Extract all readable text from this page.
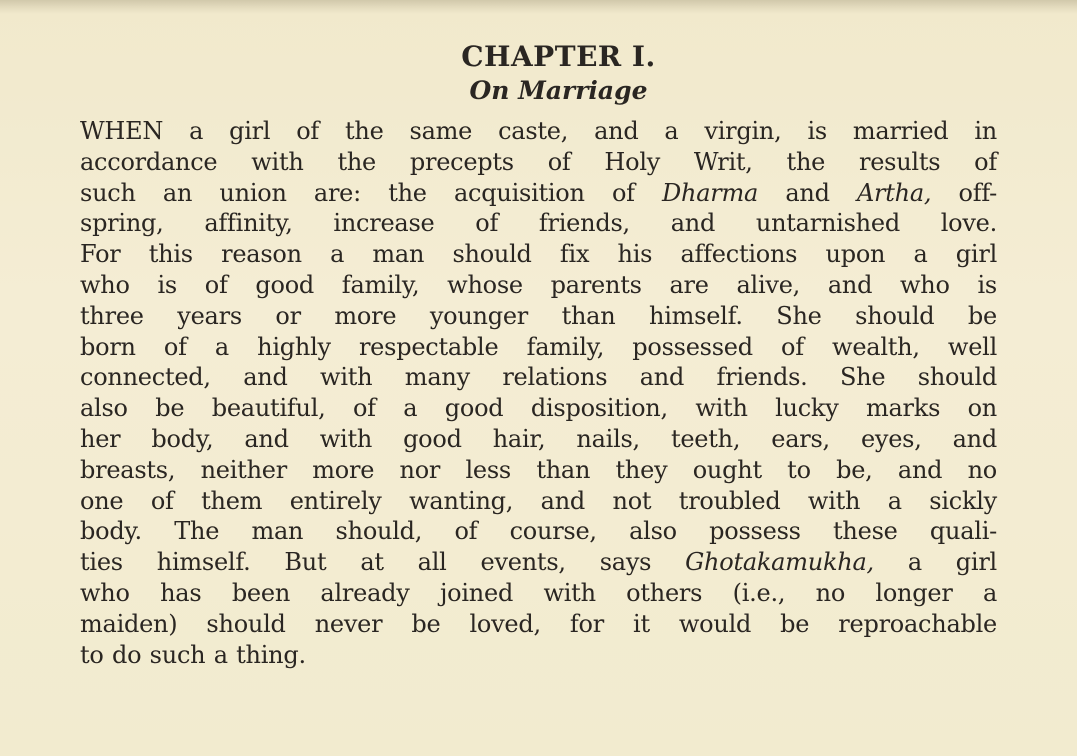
CHAPTER I.
On Marriage

WHEN a girl of the same caste, and a virgin, is married in
accordance with the precepts of Holy Writ, the results of
such an union are: the acquisition of Dharma and Artha, off-
spring, affinity, increase of friends, and untarnished love.
For this reason a man should fix his affections upon a girl
who is of good family, whose parents are alive, and who is
three years or more younger than himself. She should be
born of a highly respectable family, possessed of wealth, well
connected, and with many relations and friends. She should
also be beautiful, of a good disposition, with lucky marks on
her body, and with good hair, nails, teeth, ears, eyes, and
breasts, neither more nor less than they ought to be, and no
one of them entirely wanting, and not troubled with a sickly
body. The man should, of course, also possess these quali-
ties himself. But at all events, says Ghotakamukha, a girl
who has been already joined with others (i.e., no longer a
maiden) should never be loved, for it would be reproachable
to do such a thing.
